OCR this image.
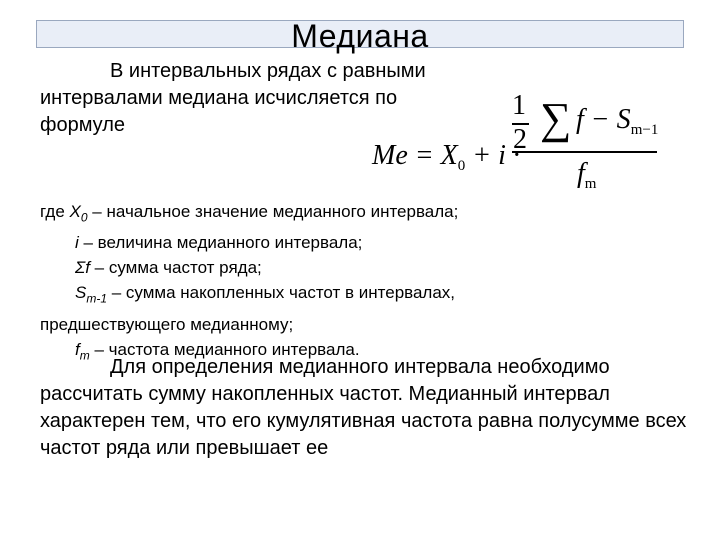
Медиана
В интервальных рядах с равными интервалами медиана исчисляется по формуле
$Me = X_0 + i$ ·
1
2 ∑ $f - S_{m-1}$
$f_m$
где $X_0$ – начальное значение медианного интервала;
i – величина медианного интервала;
Σf – сумма частот ряда;
$S_{m-1}$ – сумма накопленных частот в интервалах,
предшествующего медианному;
$f_m$ – частота медианного интервала.
Для определения медианного интервала необходимо рассчитать сумму накопленных частот. Медианный интервал характерен тем, что его кумулятивная частота равна полусумме всех частот ряда или превышает ее
